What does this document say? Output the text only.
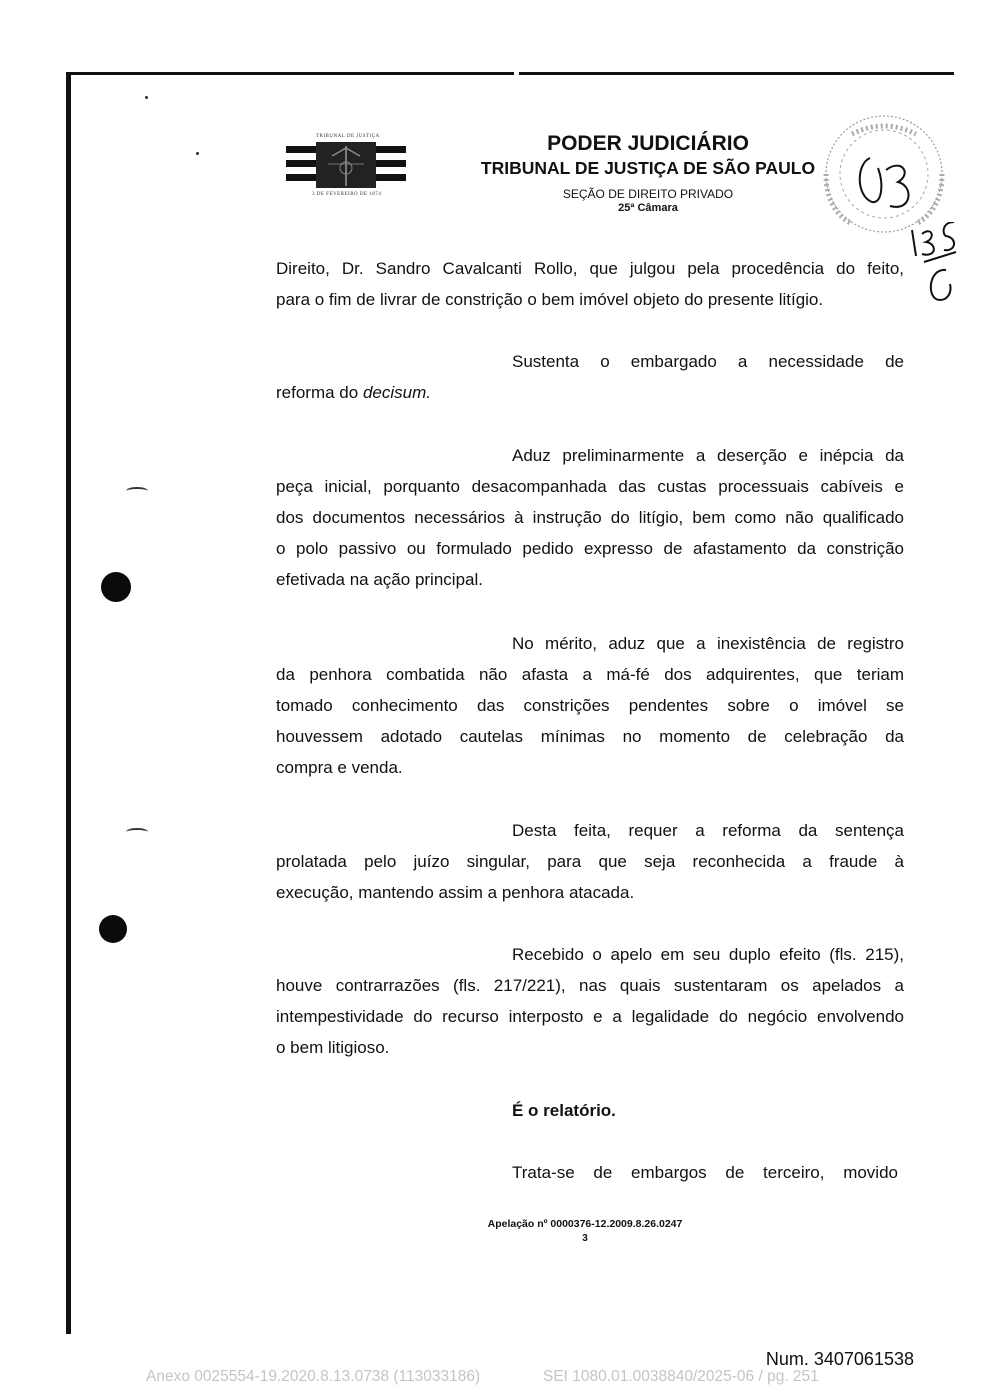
TRIBUNAL DE JUSTIÇA
3 DE FEVEREIRO DE 1874
PODER JUDICIÁRIO
TRIBUNAL DE JUSTIÇA DE SÃO PAULO
SEÇÃO DE DIREITO PRIVADO
25ª Câmara

Direito, Dr. Sandro Cavalcanti Rollo, que julgou pela procedência do feito,

para o fim de livrar de constrição o bem imóvel objeto do presente litígio.

Sustenta o embargado a necessidade de

reforma do decisum.

Aduz preliminarmente a deserção e inépcia da

peça inicial, porquanto desacompanhada das custas processuais cabíveis e

dos documentos necessários à instrução do litígio, bem como não qualificado

o polo passivo ou formulado pedido expresso de afastamento da constrição

efetivada na ação principal.

No mérito, aduz que a inexistência de registro

da penhora combatida não afasta a má-fé dos adquirentes, que teriam

tomado conhecimento das constrições pendentes sobre o imóvel se

houvessem adotado cautelas mínimas no momento de celebração da

compra e venda.

Desta feita, requer a reforma da sentença

prolatada pelo juízo singular, para que seja reconhecida a fraude à

execução, mantendo assim a penhora atacada.

Recebido o apelo em seu duplo efeito (fls. 215),

houve contrarrazões (fls. 217/221), nas quais sustentaram os apelados a

intempestividade do recurso interposto e a legalidade do negócio envolvendo

o bem litigioso.

É o relatório.

Trata-se de embargos de terceiro, movido

Apelação nº 0000376-12.2009.8.26.0247
3
Num. 3407061538
Anexo 0025554-19.2020.8.13.0738 (113033186)	SEI 1080.01.0038840/2025-06 / pg. 251
